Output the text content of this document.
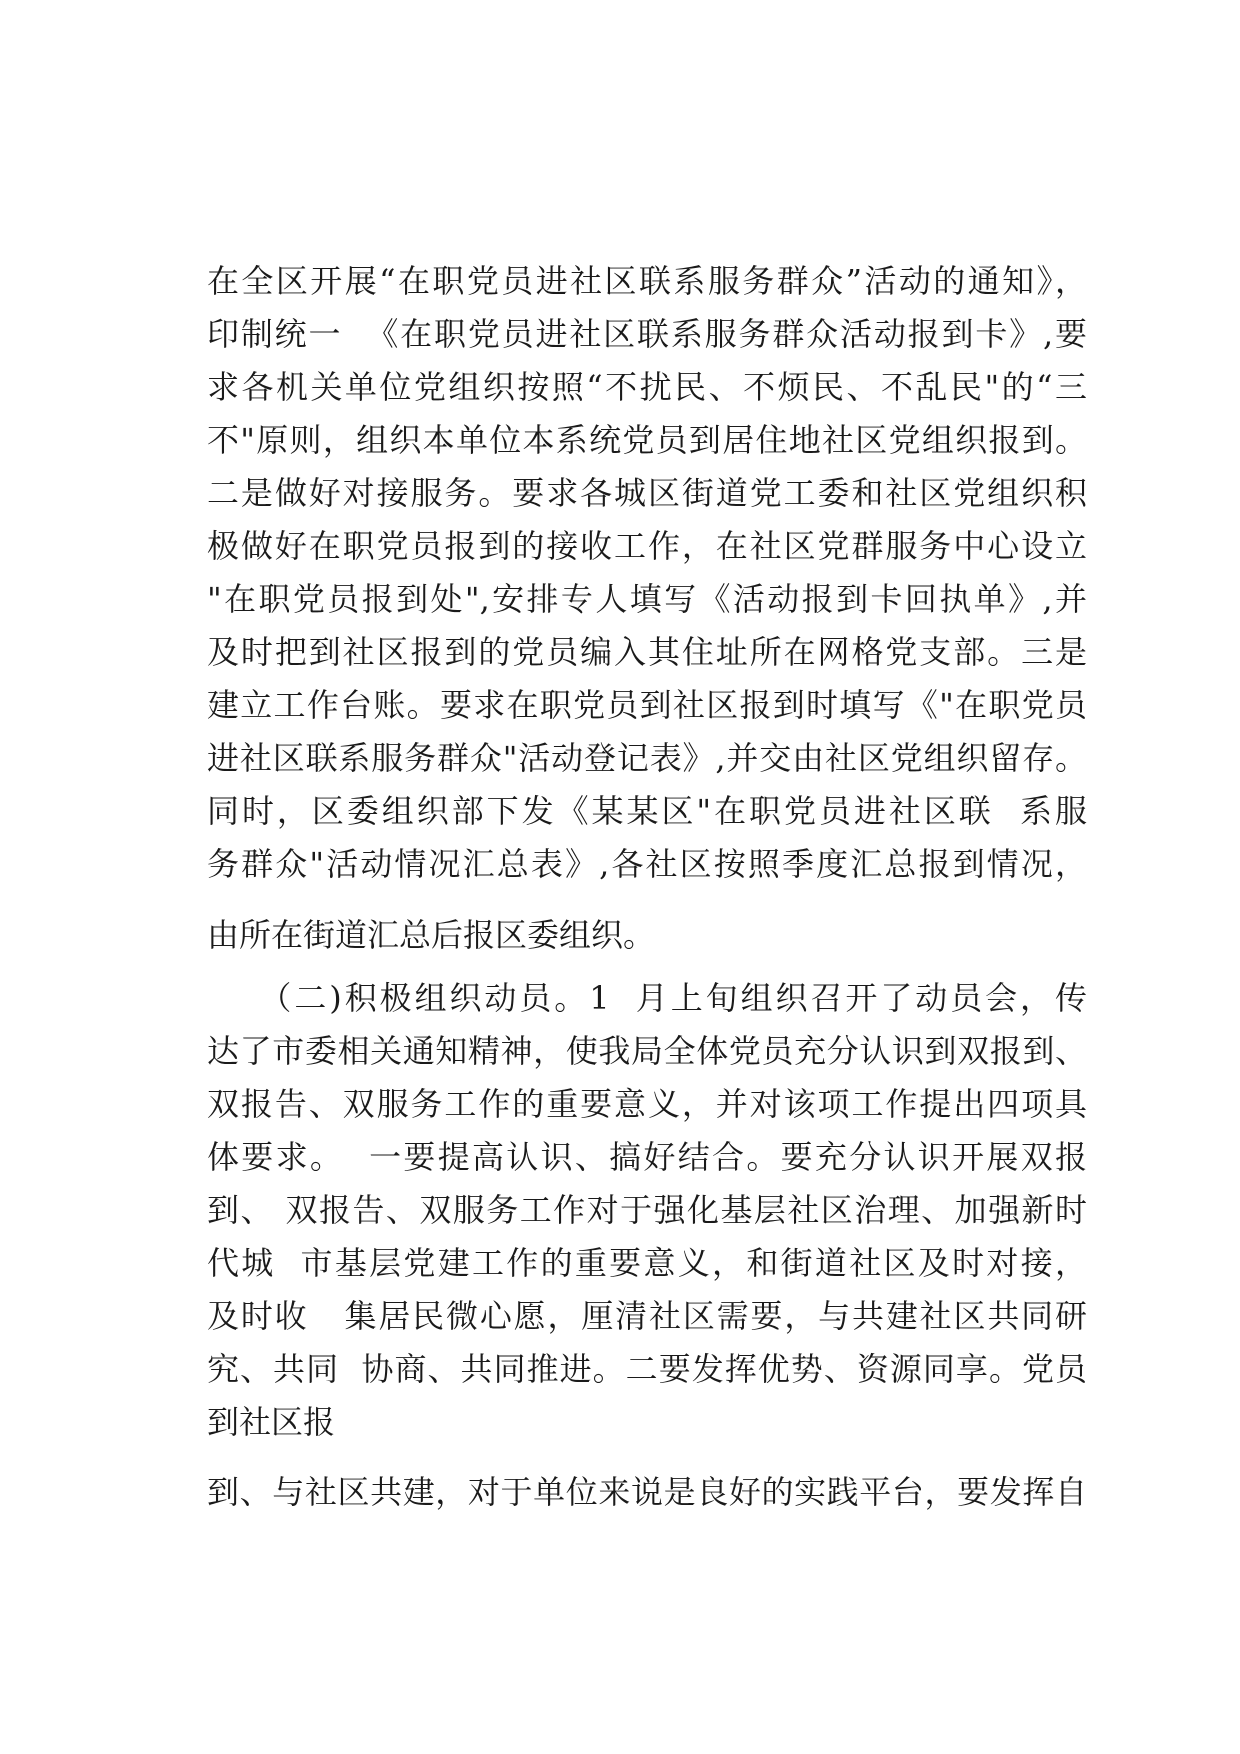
在全区开展“在职党员进社区联系服务群众”活动的通知》，
印制统一  《在职党员进社区联系服务群众活动报到卡》,要
求各机关单位党组织按照“不扰民、不烦民、不乱民"的“三
不"原则，组织本单位本系统党员到居住地社区党组织报到。
二是做好对接服务。要求各城区街道党工委和社区党组织积
极做好在职党员报到的接收工作，在社区党群服务中心设立
"在职党员报到处",安排专人填写《活动报到卡回执单》,并
及时把到社区报到的党员编入其住址所在网格党支部。三是
建立工作台账。要求在职党员到社区报到时填写《"在职党员
进社区联系服务群众"活动登记表》,并交由社区党组织留存。
同时，区委组织部下发《某某区"在职党员进社区联  系服
务群众"活动情况汇总表》,各社区按照季度汇总报到情况，
由所在街道汇总后报区委组织。
（二)积极组织动员。1  月上旬组织召开了动员会，传
达了市委相关通知精神，使我局全体党员充分认识到双报到、
双报告、双服务工作的重要意义，并对该项工作提出四项具
体要求。  一要提高认识、搞好结合。要充分认识开展双报
到、 双报告、双服务工作对于强化基层社区治理、加强新时
代城  市基层党建工作的重要意义，和街道社区及时对接，
及时收   集居民微心愿，厘清社区需要，与共建社区共同研
究、共同  协商、共同推进。二要发挥优势、资源同享。党员
到社区报
到、与社区共建，对于单位来说是良好的实践平台，要发挥自
